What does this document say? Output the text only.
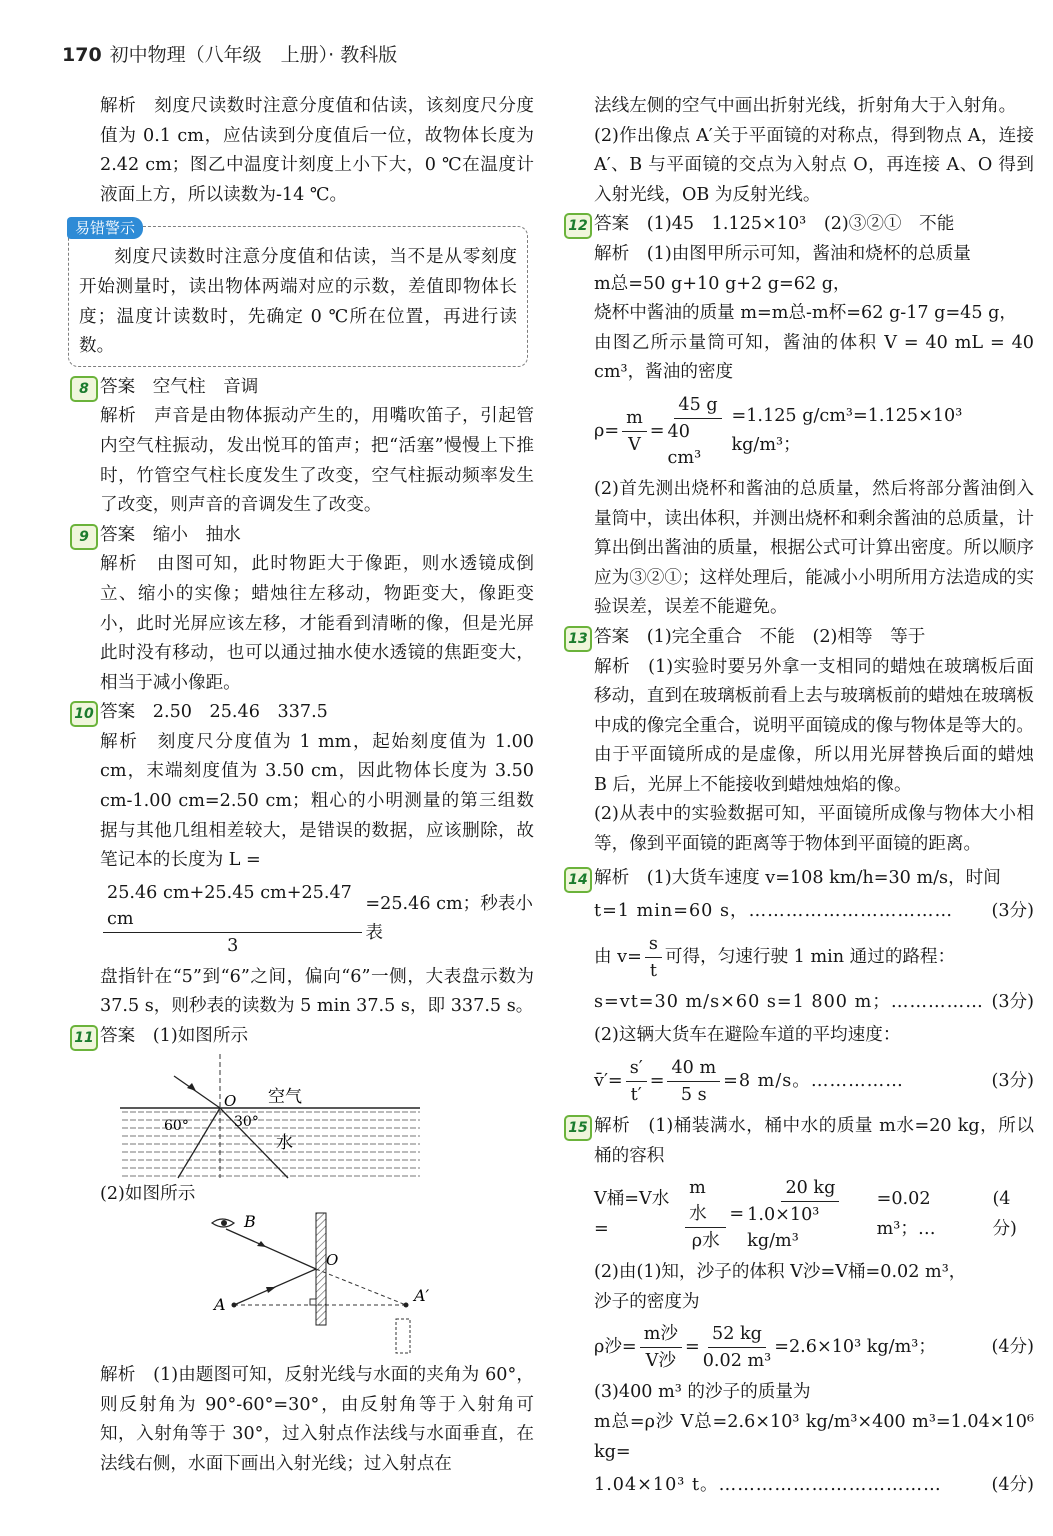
170 初中物理（八年级　上册）· 教科版

解析　刻度尺读数时注意分度值和估读，该刻度尺分度值为 0.1 cm，应估读到分度值后一位，故物体长度为 2.42 cm；图乙中温度计刻度上小下大，0 ℃在温度计液面上方，所以读数为-14 ℃。

易错警示

刻度尺读数时注意分度值和估读，当不是从零刻度开始测量时，读出物体两端对应的示数，差值即物体长度；温度计读数时，先确定 0 ℃所在位置，再进行读数。

8 答案　空气柱　音调

解析　声音是由物体振动产生的，用嘴吹笛子，引起管内空气柱振动，发出悦耳的笛声；把“活塞”慢慢上下推时，竹管空气柱长度发生了改变，空气柱振动频率发生了改变，则声音的音调发生了改变。

9 答案　缩小　抽水

解析　由图可知，此时物距大于像距，则水透镜成倒立、缩小的实像；蜡烛往左移动，物距变大，像距变小，此时光屏应该左移，才能看到清晰的像，但是光屏此时没有移动，也可以通过抽水使水透镜的焦距变大，相当于减小像距。

10 答案　2.50　25.46　337.5

解析　刻度尺分度值为 1 mm，起始刻度值为 1.00 cm，末端刻度值为 3.50 cm，因此物体长度为 3.50 cm-1.00 cm=2.50 cm；粗心的小明测量的第三组数据与其他几组相差较大，是错误的数据，应该删除，故笔记本的长度为 L =

$\frac{25.46 cm+25.45 cm+25.47 cm}{3} =25.46$ cm；秒表小表

盘指针在“5”到“6”之间，偏向“6”一侧，大表盘示数为 37.5 s，则秒表的读数为 5 min 37.5 s，即 337.5 s。

11 答案　(1)如图所示

O 空气
水
60°	30°

(2)如图所示

B
O
A	A′

解析　(1)由题图可知，反射光线与水面的夹角为 60°，则反射角为 90°-60°=30°，由反射角等于入射角可知，入射角等于 30°，过入射点作法线与水面垂直，在法线右侧，水面下画出入射光线；过入射点在

法线左侧的空气中画出折射光线，折射角大于入射角。

(2)作出像点 A′关于平面镜的对称点，得到物点 A，连接 A′、B 与平面镜的交点为入射点 O，再连接 A、O 得到入射光线，OB 为反射光线。

12 答案　(1)45　1.125×10³　(2)③②①　不能

解析　(1)由图甲所示可知，酱油和烧杯的总质量

m总=50 g+10 g+2 g=62 g，

烧杯中酱油的质量 m=m总-m杯=62 g-17 g=45 g，

由图乙所示量筒可知，酱油的体积 V = 40 mL = 40 cm³，酱油的密度

$\rho= \frac{m}{V} = \frac{45 g}{\text{40 cm³}} =1.125$ g/cm³=1.125×10³ kg/m³；

(2)首先测出烧杯和酱油的总质量，然后将部分酱油倒入量筒中，读出体积，并测出烧杯和剩余酱油的总质量，计算出倒出酱油的质量，根据公式可计算出密度。所以顺序应为③②①；这样处理后，能减小小明所用方法造成的实验误差，误差不能避免。

13 答案　(1)完全重合　不能　(2)相等　等于

解析　(1)实验时要另外拿一支相同的蜡烛在玻璃板后面移动，直到在玻璃板前看上去与玻璃板前的蜡烛在玻璃板中成的像完全重合，说明平面镜成的像与物体是等大的。由于平面镜所成的是虚像，所以用光屏替换后面的蜡烛 B 后，光屏上不能接收到蜡烛烛焰的像。

(2)从表中的实验数据可知，平面镜所成像与物体大小相等，像到平面镜的距离等于物体到平面镜的距离。

14 解析　(1)大货车速度 v=108 km/h=30 m/s，时间

t=1 min=60 s，…………………………… (3分)
由 $v= \frac{s}{t}$ 可得，匀速行驶 1 min 通过的路程：
s=vt=30 m/s×60 s=1 800 m；…………… (3分)

(2)这辆大货车在避险车道的平均速度：

v̄′= $\frac{s'}{t'} = \frac{40 m}{5 s} =8$ m/s。……………	(3分)
15 解析　(1)桶装满水，桶中水的质量 m水=20 kg，所以桶的容积

V桶=V水=	$\frac{\text{m水}}{\text{ρ水}} = \frac{20 kg}{\text{1.0×10³ kg/m³}} =0.02$ m³；…
(4分)

(2)由(1)知，沙子的体积 V沙=V桶=0.02 m³，

沙子的密度为

ρ沙= $\frac{\text{m沙}}{\text{V沙}} = \frac{52 kg}{\text{0.02 m³}} =2.6\times 10^3$ kg/m³；	(4分)

(3)400 m³ 的沙子的质量为

m总=ρ沙 V总=2.6×10³ kg/m³×400 m³=1.04×10⁶ kg=

1.04×10³ t。………………………………	(4分)
